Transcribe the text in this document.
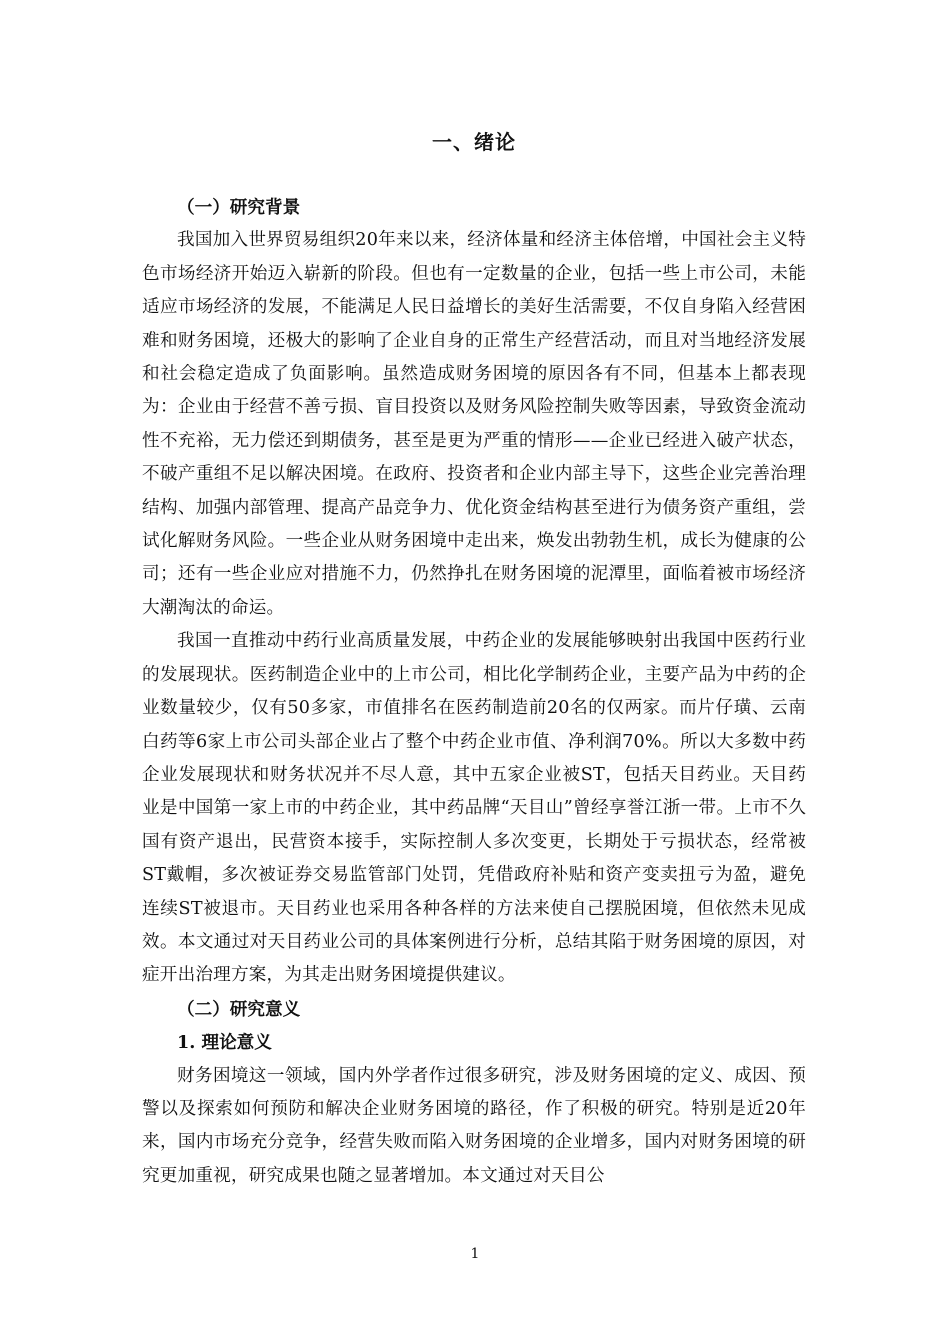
一、绪论

（一）研究背景

我国加入世界贸易组织20年来以来，经济体量和经济主体倍增，中国社会主义特色市场经济开始迈入崭新的阶段。但也有一定数量的企业，包括一些上市公司，未能适应市场经济的发展，不能满足人民日益增长的美好生活需要，不仅自身陷入经营困难和财务困境，还极大的影响了企业自身的正常生产经营活动，而且对当地经济发展和社会稳定造成了负面影响。虽然造成财务困境的原因各有不同，但基本上都表现为：企业由于经营不善亏损、盲目投资以及财务风险控制失败等因素，导致资金流动性不充裕，无力偿还到期债务，甚至是更为严重的情形——企业已经进入破产状态，不破产重组不足以解决困境。在政府、投资者和企业内部主导下，这些企业完善治理结构、加强内部管理、提高产品竞争力、优化资金结构甚至进行为债务资产重组，尝试化解财务风险。一些企业从财务困境中走出来，焕发出勃勃生机，成长为健康的公司；还有一些企业应对措施不力，仍然挣扎在财务困境的泥潭里，面临着被市场经济大潮淘汰的命运。

我国一直推动中药行业高质量发展，中药企业的发展能够映射出我国中医药行业的发展现状。医药制造企业中的上市公司，相比化学制药企业，主要产品为中药的企业数量较少，仅有50多家，市值排名在医药制造前20名的仅两家。而片仔璜、云南白药等6家上市公司头部企业占了整个中药企业市值、净利润70%。所以大多数中药企业发展现状和财务状况并不尽人意，其中五家企业被ST，包括天目药业。天目药业是中国第一家上市的中药企业，其中药品牌“天目山”曾经享誉江浙一带。上市不久国有资产退出，民营资本接手，实际控制人多次变更，长期处于亏损状态，经常被ST戴帽，多次被证券交易监管部门处罚，凭借政府补贴和资产变卖扭亏为盈，避免连续ST被退市。天目药业也采用各种各样的方法来使自己摆脱困境，但依然未见成效。本文通过对天目药业公司的具体案例进行分析，总结其陷于财务困境的原因，对症开出治理方案，为其走出财务困境提供建议。

（二）研究意义

1. 理论意义

财务困境这一领域，国内外学者作过很多研究，涉及财务困境的定义、成因、预警以及探索如何预防和解决企业财务困境的路径，作了积极的研究。特别是近20年来，国内市场充分竞争，经营失败而陷入财务困境的企业增多，国内对财务困境的研究更加重视，研究成果也随之显著增加。本文通过对天目公

1
